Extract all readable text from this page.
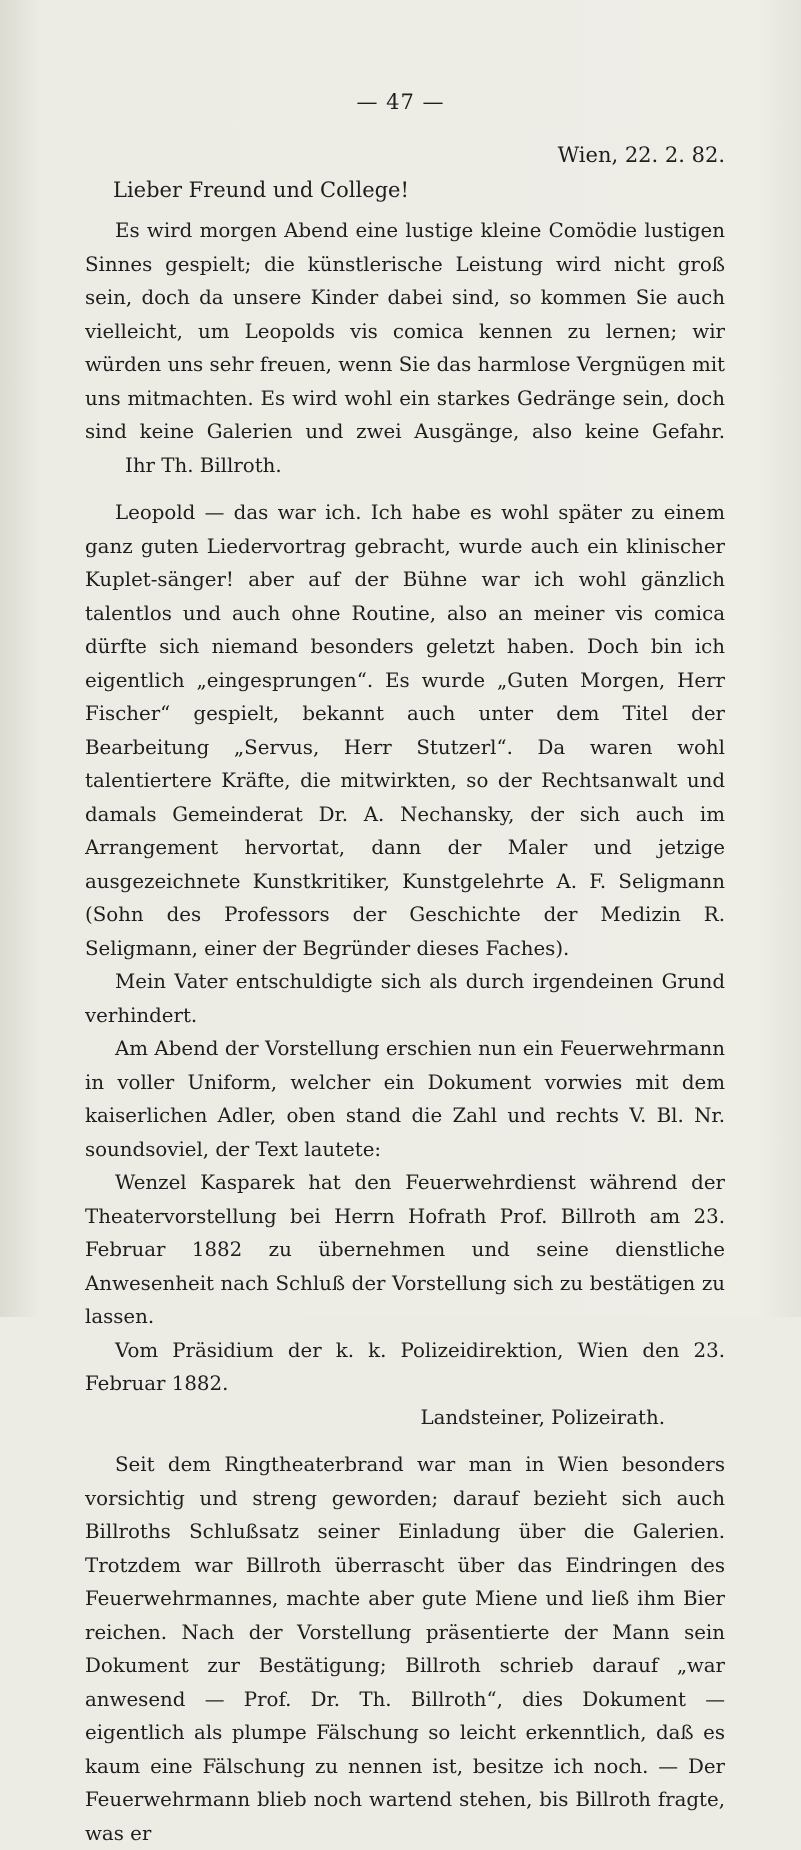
— 47 —
Wien, 22. 2. 82.
Lieber Freund und College!

Es wird morgen Abend eine lustige kleine Comödie lustigen Sinnes gespielt; die künstlerische Leistung wird nicht groß sein, doch da unsere Kinder dabei sind, so kommen Sie auch vielleicht, um Leopolds vis comica kennen zu lernen; wir würden uns sehr freuen, wenn Sie das harmlose Vergnügen mit uns mitmachten. Es wird wohl ein starkes Gedränge sein, doch sind keine Galerien und zwei Ausgänge, also keine Gefahr. Ihr Th. Billroth.

Leopold — das war ich. Ich habe es wohl später zu einem ganz guten Liedervortrag gebracht, wurde auch ein klinischer Kuplet-sänger! aber auf der Bühne war ich wohl gänzlich talentlos und auch ohne Routine, also an meiner vis comica dürfte sich niemand besonders geletzt haben. Doch bin ich eigentlich „eingesprungen“. Es wurde „Guten Morgen, Herr Fischer“ gespielt, bekannt auch unter dem Titel der Bearbeitung „Servus, Herr Stutzerl“. Da waren wohl talentiertere Kräfte, die mitwirkten, so der Rechtsanwalt und damals Gemeinderat Dr. A. Nechansky, der sich auch im Arrangement hervortat, dann der Maler und jetzige ausgezeichnete Kunstkritiker, Kunstgelehrte A. F. Seligmann (Sohn des Professors der Geschichte der Medizin R. Seligmann, einer der Begründer dieses Faches).

Mein Vater entschuldigte sich als durch irgendeinen Grund verhindert.

Am Abend der Vorstellung erschien nun ein Feuerwehrmann in voller Uniform, welcher ein Dokument vorwies mit dem kaiserlichen Adler, oben stand die Zahl und rechts V. Bl. Nr. soundsoviel, der Text lautete:

Wenzel Kasparek hat den Feuerwehrdienst während der Theatervorstellung bei Herrn Hofrath Prof. Billroth am 23. Februar 1882 zu übernehmen und seine dienstliche Anwesenheit nach Schluß der Vorstellung sich zu bestätigen zu lassen.

Vom Präsidium der k. k. Polizeidirektion, Wien den 23. Februar 1882.

Landsteiner, Polizeirath.

Seit dem Ringtheaterbrand war man in Wien besonders vorsichtig und streng geworden; darauf bezieht sich auch Billroths Schlußsatz seiner Einladung über die Galerien. Trotzdem war Billroth überrascht über das Eindringen des Feuerwehrmannes, machte aber gute Miene und ließ ihm Bier reichen. Nach der Vorstellung präsentierte der Mann sein Dokument zur Bestätigung; Billroth schrieb darauf „war anwesend — Prof. Dr. Th. Billroth“, dies Dokument — eigentlich als plumpe Fälschung so leicht erkenntlich, daß es kaum eine Fälschung zu nennen ist, besitze ich noch. — Der Feuerwehrmann blieb noch wartend stehen, bis Billroth fragte, was er
